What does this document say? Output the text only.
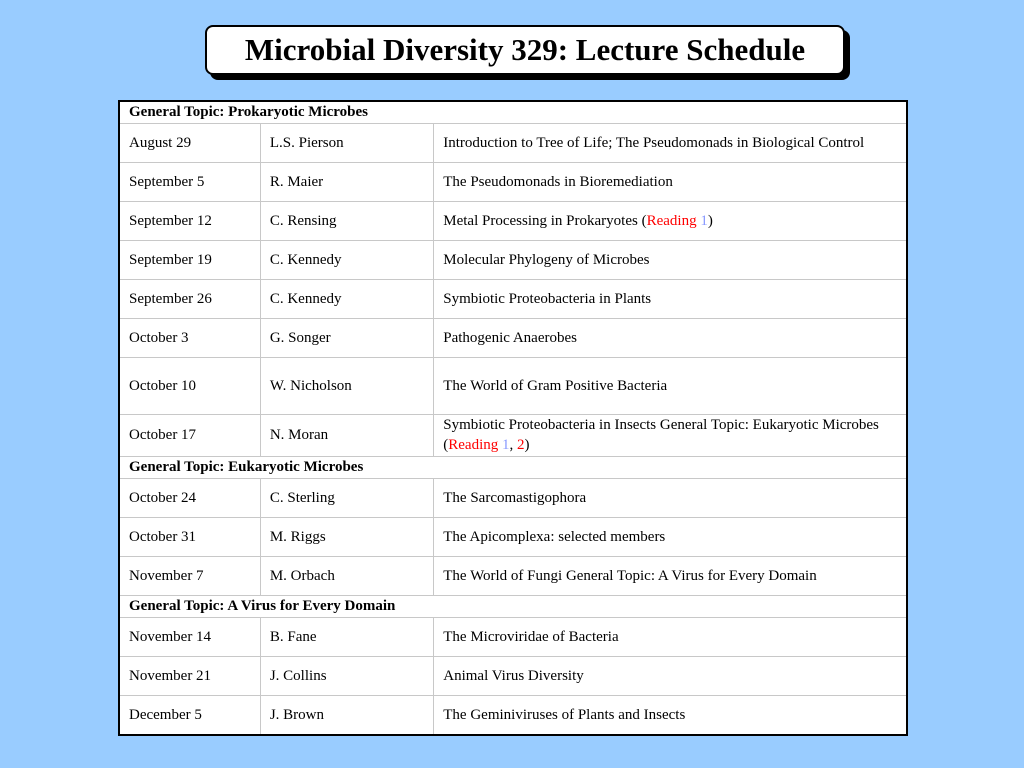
Microbial Diversity 329: Lecture Schedule
General Topic: Prokaryotic Microbes		
August 29	L.S. Pierson	Introduction to Tree of Life; The Pseudomonads in Biological Control
September 5	R. Maier	The Pseudomonads in Bioremediation
September 12	C. Rensing	Metal Processing in Prokaryotes (Reading 1)
September 19	C. Kennedy	Molecular Phylogeny of Microbes
September 26	C. Kennedy	Symbiotic Proteobacteria in Plants
October 3	G. Songer	Pathogenic Anaerobes
October 10	W. Nicholson	The World of Gram Positive Bacteria
October 17	N. Moran	Symbiotic Proteobacteria in Insects General Topic: Eukaryotic Microbes (Reading 1, 2)
General Topic: Eukaryotic Microbes		
October 24	C. Sterling	The Sarcomastigophora
October 31	M. Riggs	The Apicomplexa: selected members
November 7	M. Orbach	The World of Fungi General Topic: A Virus for Every Domain
General Topic: A Virus for Every Domain		
November 14	B. Fane	The Microviridae of Bacteria
November 21	J. Collins	Animal Virus Diversity
December 5	J. Brown	The Geminiviruses of Plants and Insects
